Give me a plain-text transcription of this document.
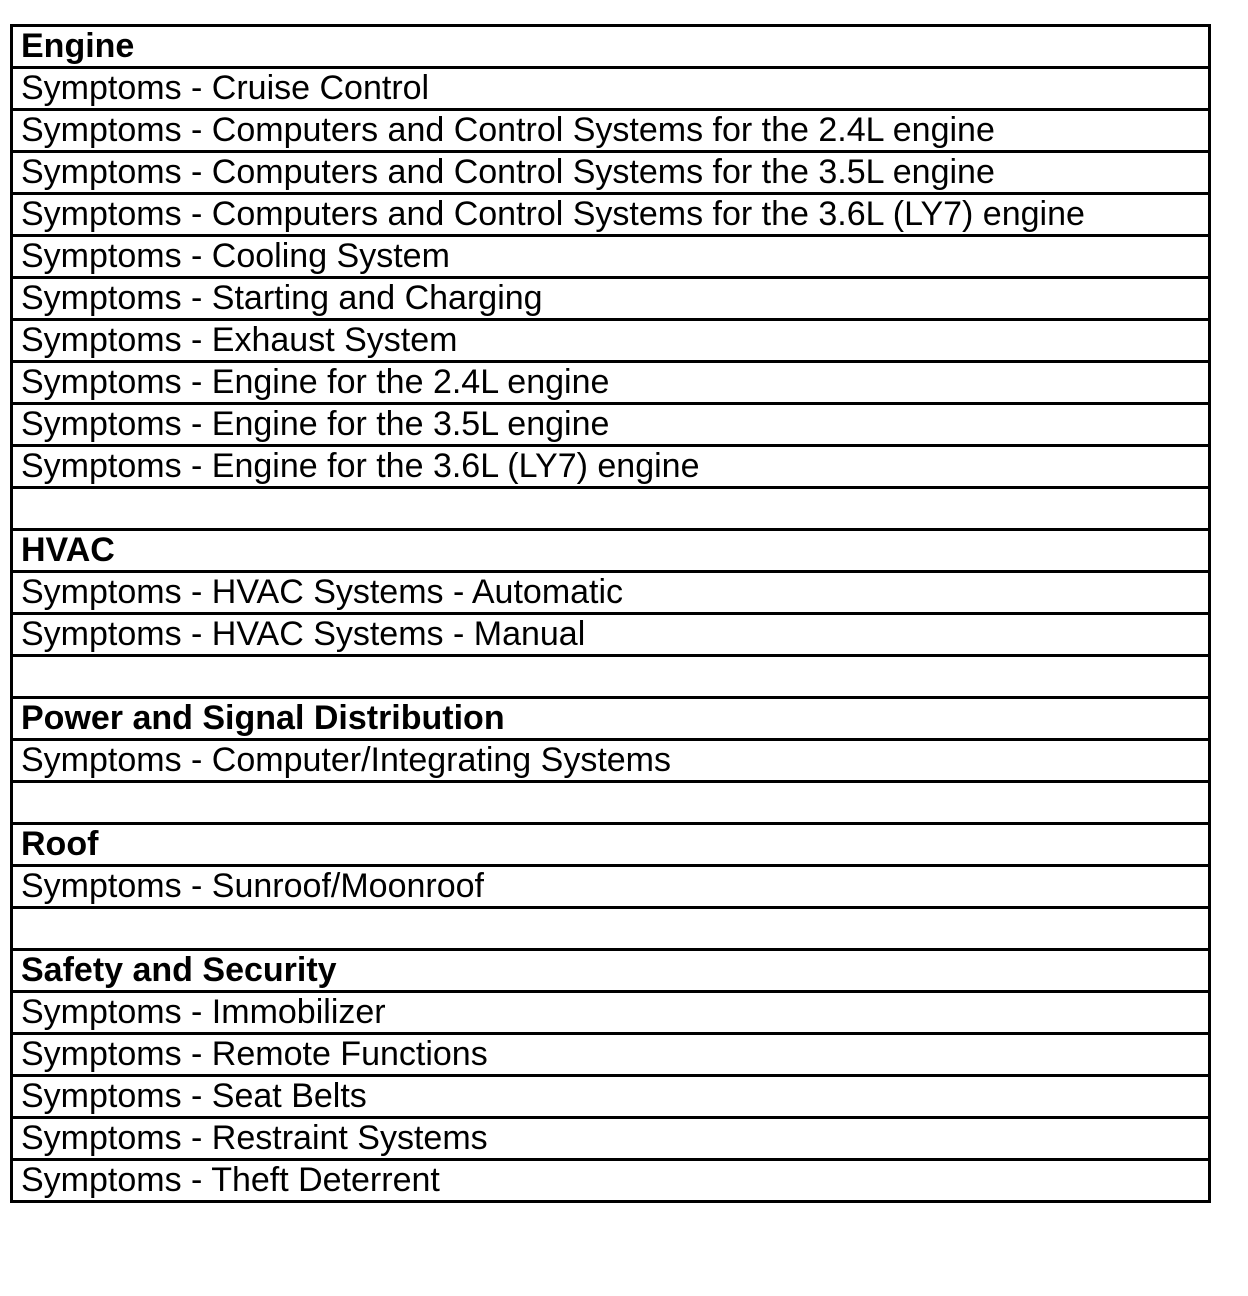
Engine
Symptoms - Cruise Control
Symptoms - Computers and Control Systems for the 2.4L engine
Symptoms - Computers and Control Systems for the 3.5L engine
Symptoms - Computers and Control Systems for the 3.6L (LY7) engine
Symptoms - Cooling System
Symptoms - Starting and Charging
Symptoms - Exhaust System
Symptoms - Engine for the 2.4L engine
Symptoms - Engine for the 3.5L engine
Symptoms - Engine for the 3.6L (LY7) engine

HVAC
Symptoms - HVAC Systems - Automatic
Symptoms - HVAC Systems - Manual

Power and Signal Distribution
Symptoms - Computer/Integrating Systems

Roof
Symptoms - Sunroof/Moonroof

Safety and Security
Symptoms - Immobilizer
Symptoms - Remote Functions
Symptoms - Seat Belts
Symptoms - Restraint Systems
Symptoms - Theft Deterrent
